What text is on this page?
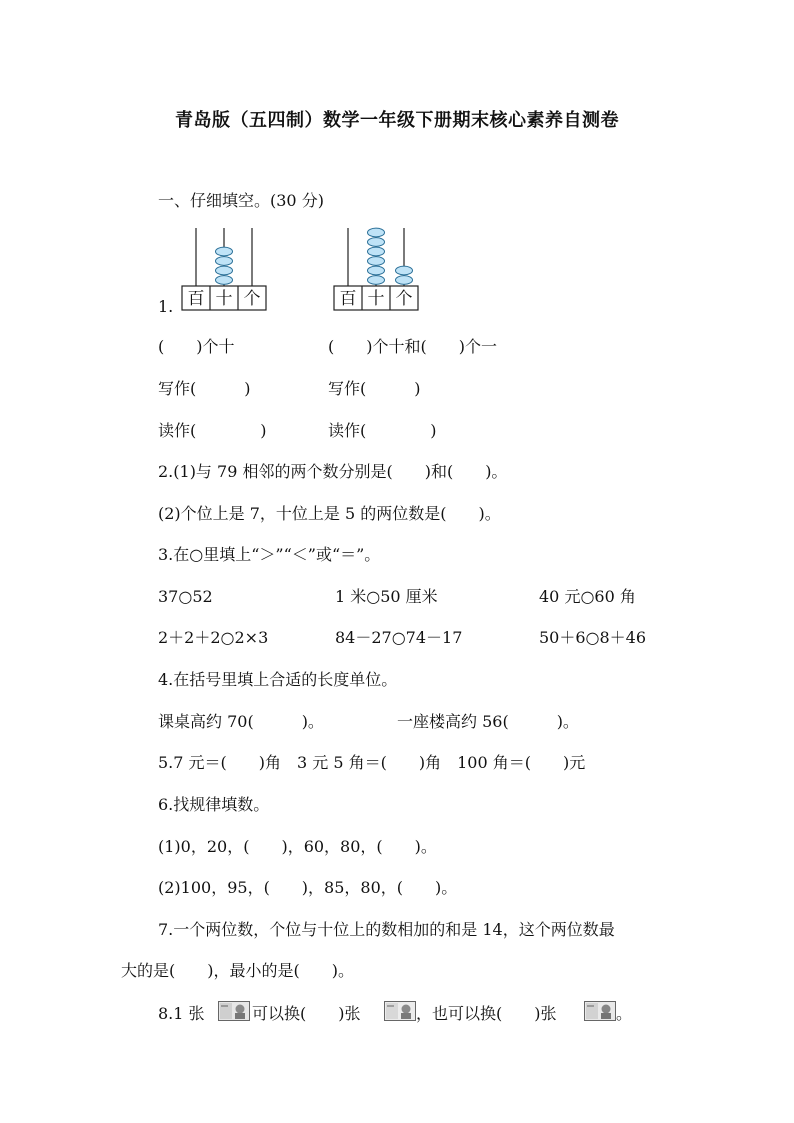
青岛版（五四制）数学一年级下册期末核心素养自测卷
一、仔细填空。(30 分)
1. 百 十 个	百 十 个
(　　)个十	(　　)个十和(　　)个一
写作(　　　)	写作(　　　)
读作(　　　　)	读作(　　　　)
2.(1)与 79 相邻的两个数分别是(　　)和(　　)。
(2)个位上是 7，十位上是 5 的两位数是(　　)。
3.在○里填上“＞”“＜”或“＝”。
37○52	1 米○50 厘米	40 元○60 角
2＋2＋2○2×3	84－27○74－17	50＋6○8＋46
4.在括号里填上合适的长度单位。
课桌高约 70(　　　)。	一座楼高约 56(　　　)。
5.7 元＝(　　)角　3 元 5 角＝(　　)角　100 角＝(　　)元
6.找规律填数。
(1)0，20，(　　)，60，80，(　　)。
(2)100，95，(　　)，85，80，(　　)。
7.一个两位数，个位与十位上的数相加的和是 14，这个两位数最
大的是(　　)，最小的是(　　)。
8.1 张	可以换(　　)张	，也可以换(　　)张	。
